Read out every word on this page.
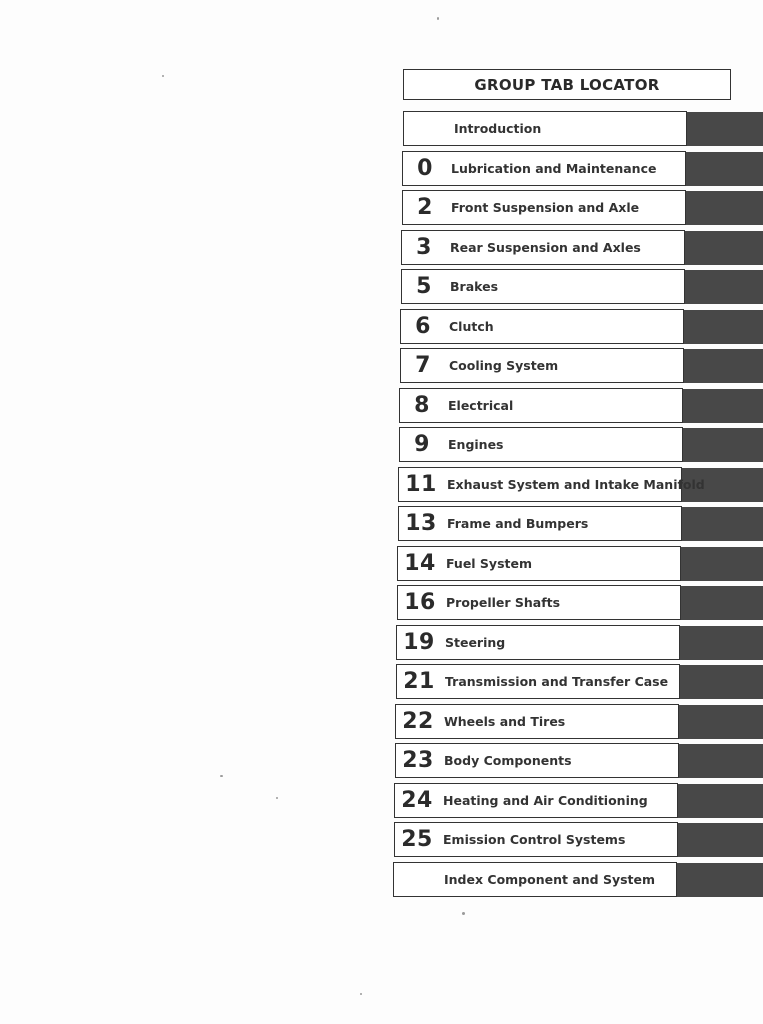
GROUP TAB LOCATOR
Introduction
0	Lubrication and Maintenance
2	Front Suspension and Axle
3	Rear Suspension and Axles
5	Brakes
6	Clutch
7	Cooling System
8	Electrical
9	Engines
11 Exhaust System and Intake Manifold
13 Frame and Bumpers
14 Fuel System
16 Propeller Shafts
19 Steering
21 Transmission and Transfer Case
22 Wheels and Tires
23 Body Components
24 Heating and Air Conditioning
25 Emission Control Systems
Index Component and System
